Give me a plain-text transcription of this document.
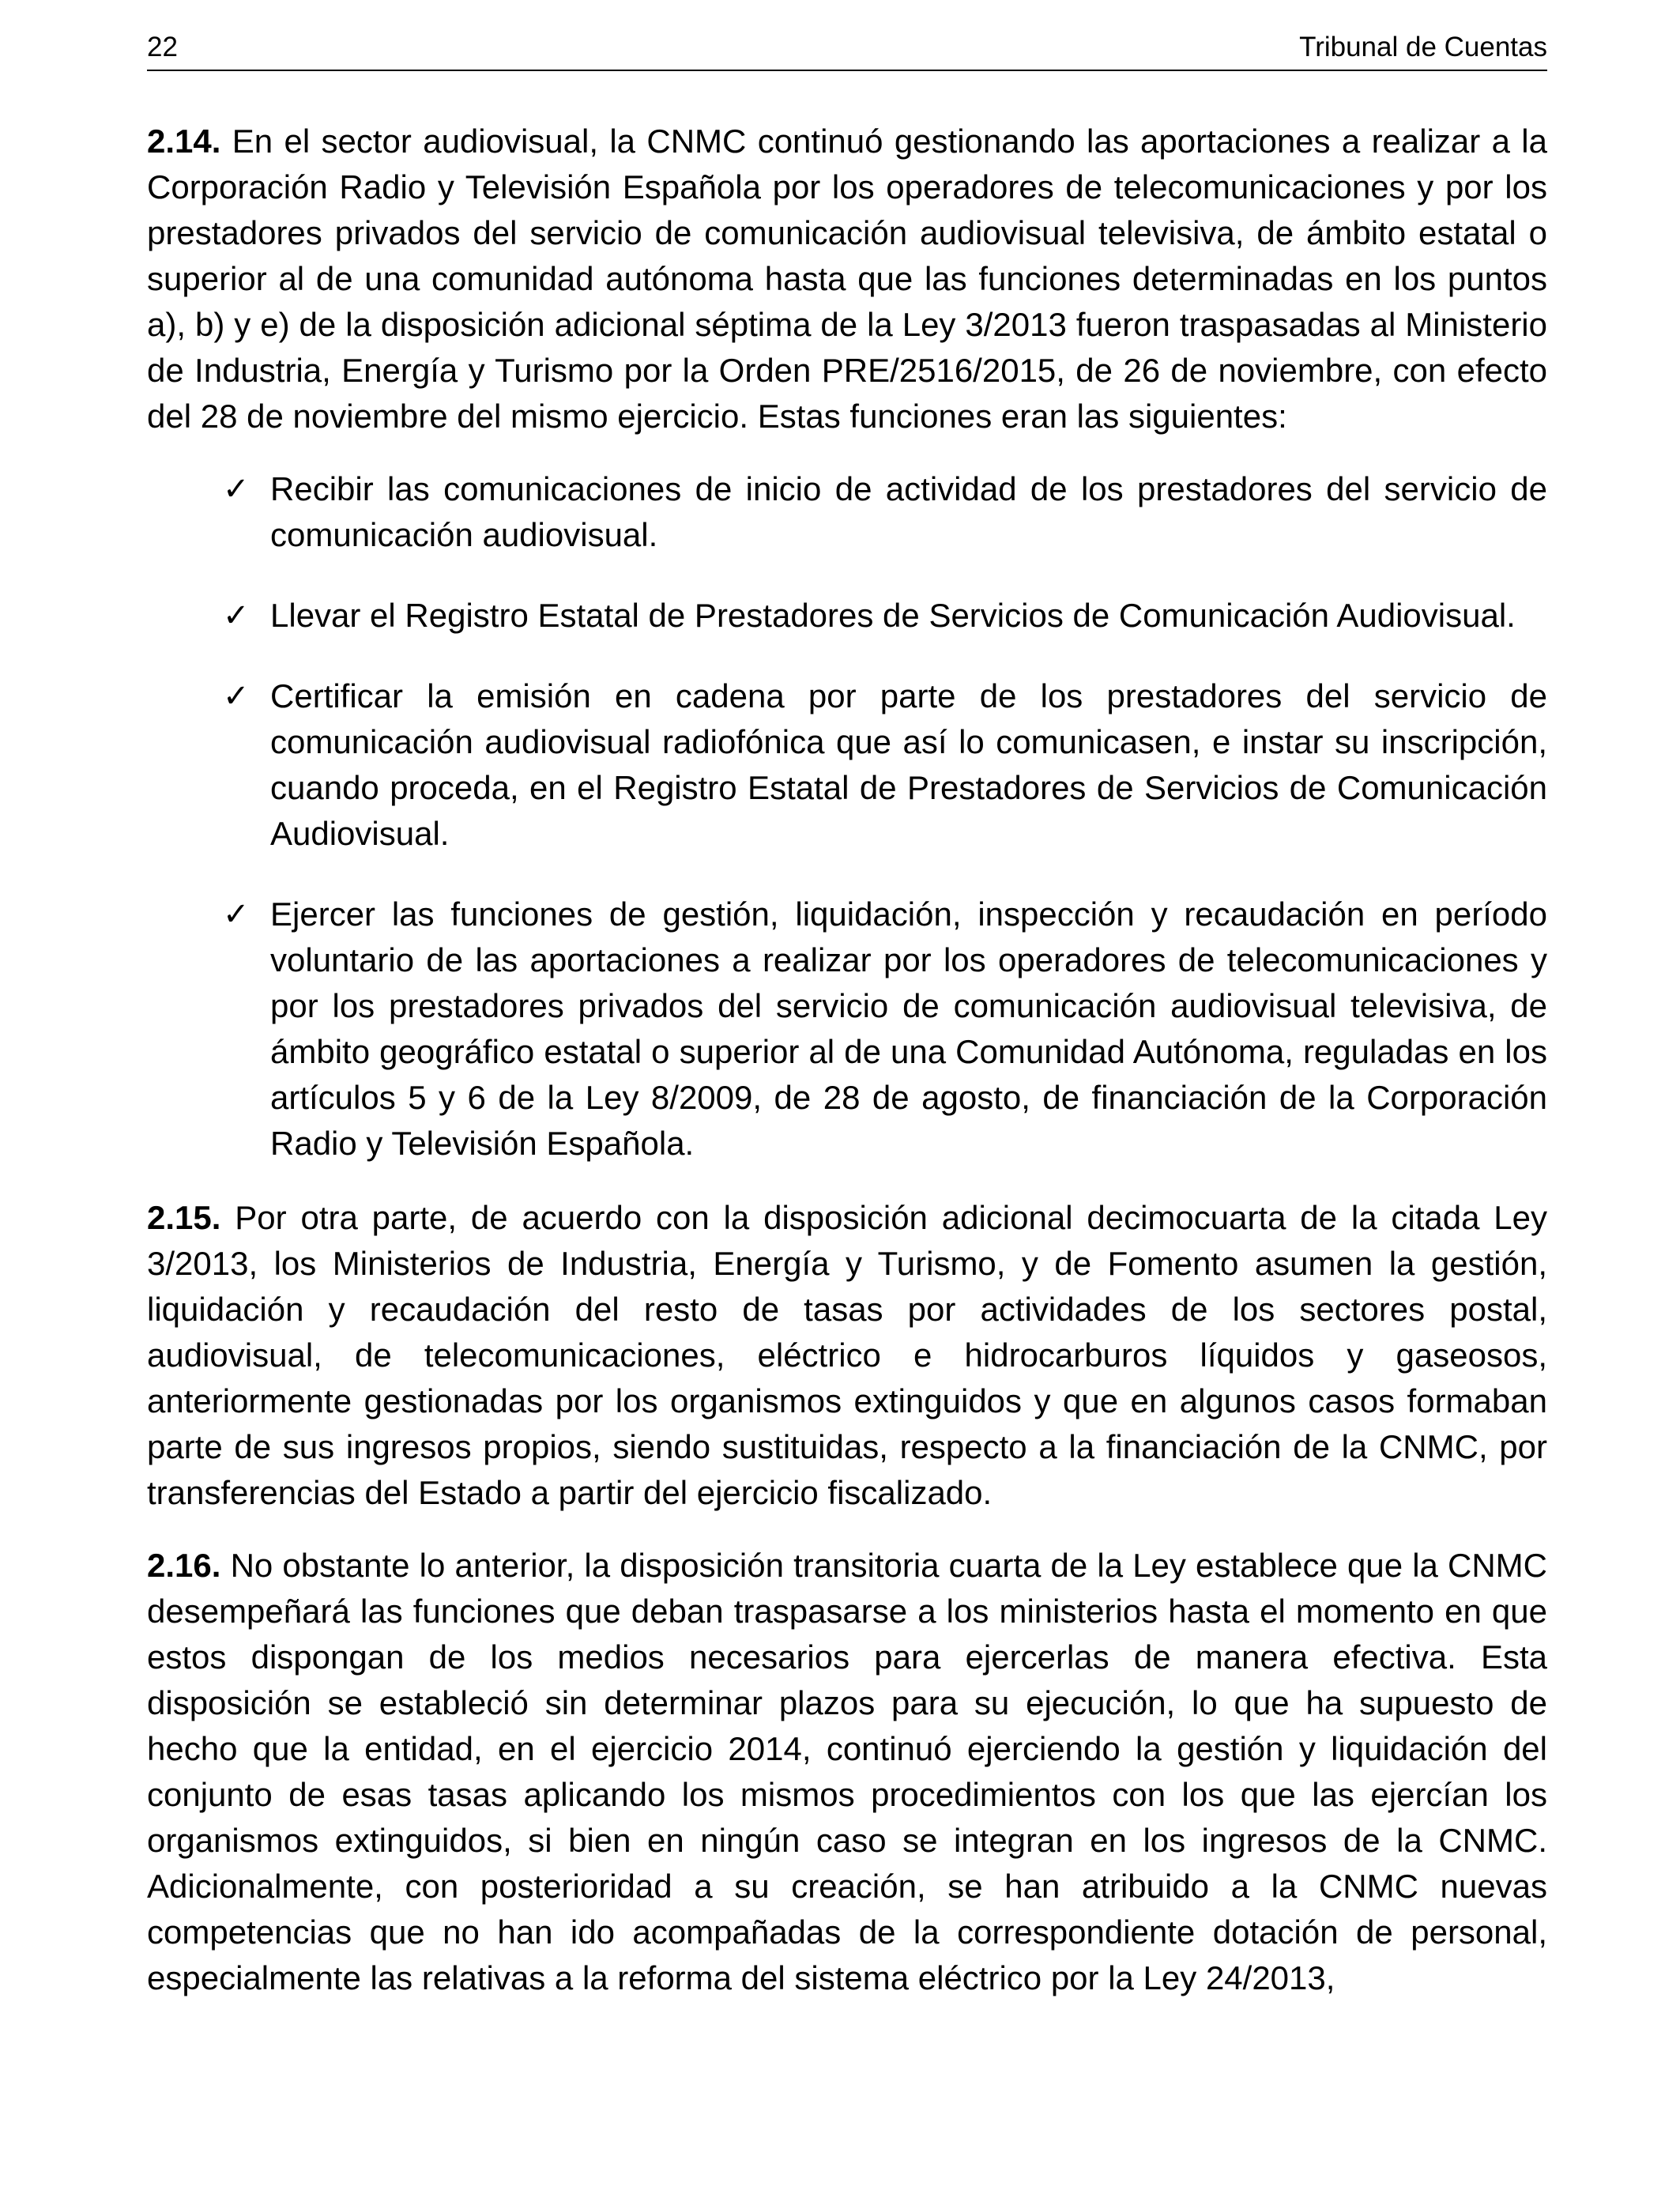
22	Tribunal de Cuentas

2.14. En el sector audiovisual, la CNMC continuó gestionando las aportaciones a realizar a la Corporación Radio y Televisión Española por los operadores de telecomunicaciones y por los prestadores privados del servicio de comunicación audiovisual televisiva, de ámbito estatal o superior al de una comunidad autónoma hasta que las funciones determinadas en los puntos a), b) y e) de la disposición adicional séptima de la Ley 3/2013 fueron traspasadas al Ministerio de Industria, Energía y Turismo por la Orden PRE/2516/2015, de 26 de noviembre, con efecto del 28 de noviembre del mismo ejercicio. Estas funciones eran las siguientes:

✓ Recibir las comunicaciones de inicio de actividad de los prestadores del servicio de comunicación audiovisual.
✓ Llevar el Registro Estatal de Prestadores de Servicios de Comunicación Audiovisual.
✓ Certificar la emisión en cadena por parte de los prestadores del servicio de comunicación audiovisual radiofónica que así lo comunicasen, e instar su inscripción, cuando proceda, en el Registro Estatal de Prestadores de Servicios de Comunicación Audiovisual.
✓ Ejercer las funciones de gestión, liquidación, inspección y recaudación en período voluntario de las aportaciones a realizar por los operadores de telecomunicaciones y por los prestadores privados del servicio de comunicación audiovisual televisiva, de ámbito geográfico estatal o superior al de una Comunidad Autónoma, reguladas en los artículos 5 y 6 de la Ley 8/2009, de 28 de agosto, de financiación de la Corporación Radio y Televisión Española.

2.15. Por otra parte, de acuerdo con la disposición adicional decimocuarta de la citada Ley 3/2013, los Ministerios de Industria, Energía y Turismo, y de Fomento asumen la gestión, liquidación y recaudación del resto de tasas por actividades de los sectores postal, audiovisual, de telecomunicaciones, eléctrico e hidrocarburos líquidos y gaseosos, anteriormente gestionadas por los organismos extinguidos y que en algunos casos formaban parte de sus ingresos propios, siendo sustituidas, respecto a la financiación de la CNMC, por transferencias del Estado a partir del ejercicio fiscalizado.

2.16. No obstante lo anterior, la disposición transitoria cuarta de la Ley establece que la CNMC desempeñará las funciones que deban traspasarse a los ministerios hasta el momento en que estos dispongan de los medios necesarios para ejercerlas de manera efectiva. Esta disposición se estableció sin determinar plazos para su ejecución, lo que ha supuesto de hecho que la entidad, en el ejercicio 2014, continuó ejerciendo la gestión y liquidación del conjunto de esas tasas aplicando los mismos procedimientos con los que las ejercían los organismos extinguidos, si bien en ningún caso se integran en los ingresos de la CNMC. Adicionalmente, con posterioridad a su creación, se han atribuido a la CNMC nuevas competencias que no han ido acompañadas de la correspondiente dotación de personal, especialmente las relativas a la reforma del sistema eléctrico por la Ley 24/2013,
